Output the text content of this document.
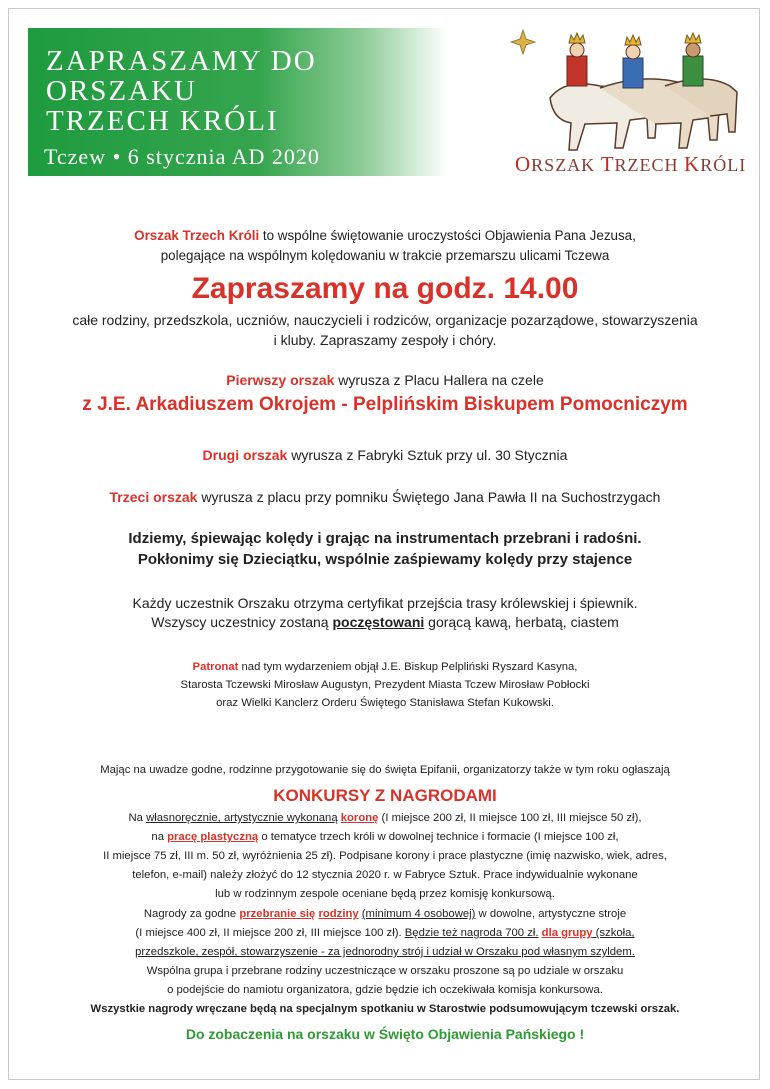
ZAPRASZAMY DO
ORSZAKU
TRZECH KRÓLI
Tczew • 6 stycznia AD 2020	ORSZAK TRZECH KRÓLI
Orszak Trzech Króli to wspólne świętowanie uroczystości Objawienia Pana Jezusa,
polegające na wspólnym kolędowaniu w trakcie przemarszu ulicami Tczewa
Zapraszamy na godz. 14.00
całe rodziny, przedszkola, uczniów, nauczycieli i rodziców, organizacje pozarządowe, stowarzyszenia
i kluby. Zapraszamy zespoły i chóry.
Pierwszy orszak wyrusza z Placu Hallera na czele
z J.E. Arkadiuszem Okrojem - Pelplińskim Biskupem Pomocniczym
Drugi orszak wyrusza z Fabryki Sztuk przy ul. 30 Stycznia
Trzeci orszak wyrusza z placu przy pomniku Świętego Jana Pawła II na Suchostrzygach
Idziemy, śpiewając kolędy i grając na instrumentach przebrani i radośni.
Pokłonimy się Dzieciątku, wspólnie zaśpiewamy kolędy przy stajence
Każdy uczestnik Orszaku otrzyma certyfikat przejścia trasy królewskiej i śpiewnik.
Wszyscy uczestnicy zostaną poczęstowani gorącą kawą, herbatą, ciastem
Patronat nad tym wydarzeniem objął J.E. Biskup Pelpliński Ryszard Kasyna,
Starosta Tczewski Mirosław Augustyn, Prezydent Miasta Tczew Mirosław Pobłocki
oraz Wielki Kanclerz Orderu Świętego Stanisława Stefan Kukowski.
Mając na uwadze godne, rodzinne przygotowanie się do święta Epifanii, organizatorzy także w tym roku ogłaszają
KONKURSY Z NAGRODAMI
Na własnoręcznie, artystycznie wykonaną koronę (I miejsce 200 zł, II miejsce 100 zł, III miejsce 50 zł),
na pracę plastyczną o tematyce trzech króli w dowolnej technice i formacie (I miejsce 100 zł,
II miejsce 75 zł, III m. 50 zł, wyróżnienia 25 zł). Podpisane korony i prace plastyczne (imię nazwisko, wiek, adres,
telefon, e-mail) należy złożyć do 12 stycznia 2020 r. w Fabryce Sztuk. Prace indywidualnie wykonane
lub w rodzinnym zespole oceniane będą przez komisję konkursową.
Nagrody za godne przebranie się rodziny (minimum 4 osobowej) w dowolne, artystyczne stroje
(I miejsce 400 zł, II miejsce 200 zł, III miejsce 100 zł). Będzie też nagroda 700 zł. dla grupy (szkoła,
przedszkole, zespół, stowarzyszenie - za jednorodny strój i udział w Orszaku pod własnym szyldem.
Wspólna grupa i przebrane rodziny uczestniczące w orszaku proszone są po udziale w orszaku
o podejście do namiotu organizatora, gdzie będzie ich oczekiwała komisja konkursowa.
Wszystkie nagrody wręczane będą na specjalnym spotkaniu w Starostwie podsumowującym tczewski orszak.
Do zobaczenia na orszaku w Święto Objawienia Pańskiego !
